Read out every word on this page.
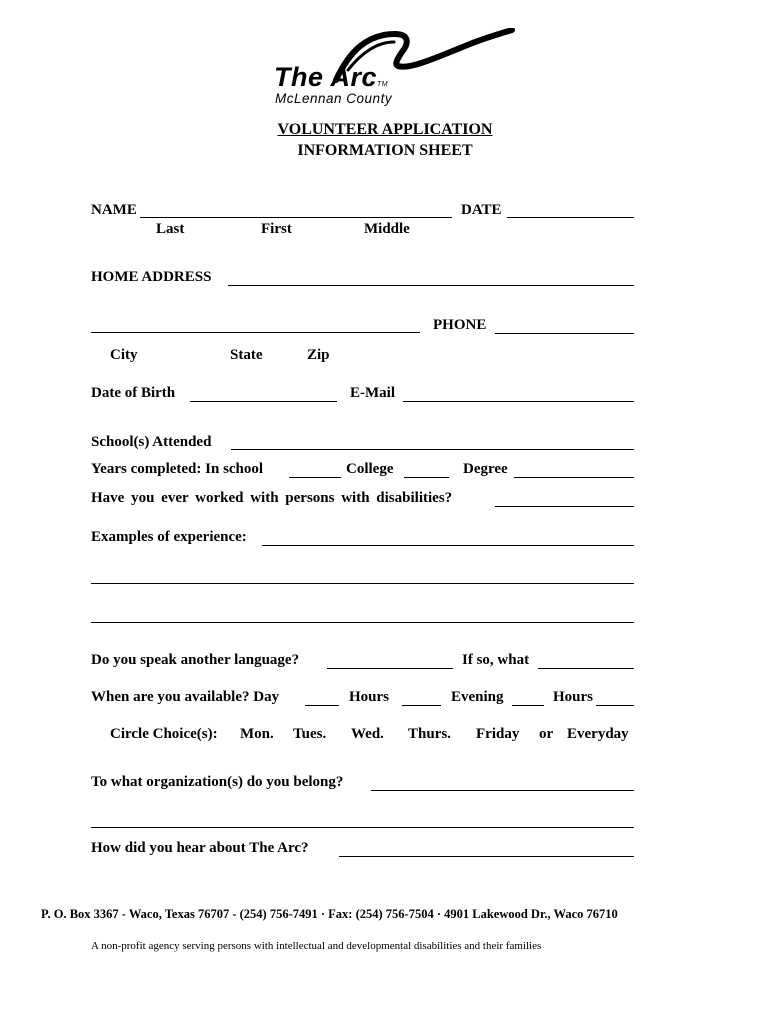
The ArcTM
McLennan County
VOLUNTEER APPLICATION
INFORMATION SHEET
NAME	DATE
Last	First	Middle
HOME ADDRESS
PHONE
City	State	Zip
Date of Birth	E-Mail
School(s) Attended
Years completed: In school	College	Degree
Have you ever worked with persons with disabilities?
Examples of experience:
Do you speak another language?	If so, what
When are you available? Day	Hours	Evening	Hours
Circle Choice(s): Mon. Tues. Wed. Thurs. Friday or Everyday
To what organization(s) do you belong?
How did you hear about The Arc?
P. O. Box 3367 - Waco, Texas 76707 - (254) 756-7491 · Fax: (254) 756-7504 · 4901 Lakewood Dr., Waco 76710
A non-profit agency serving persons with intellectual and developmental disabilities and their families
